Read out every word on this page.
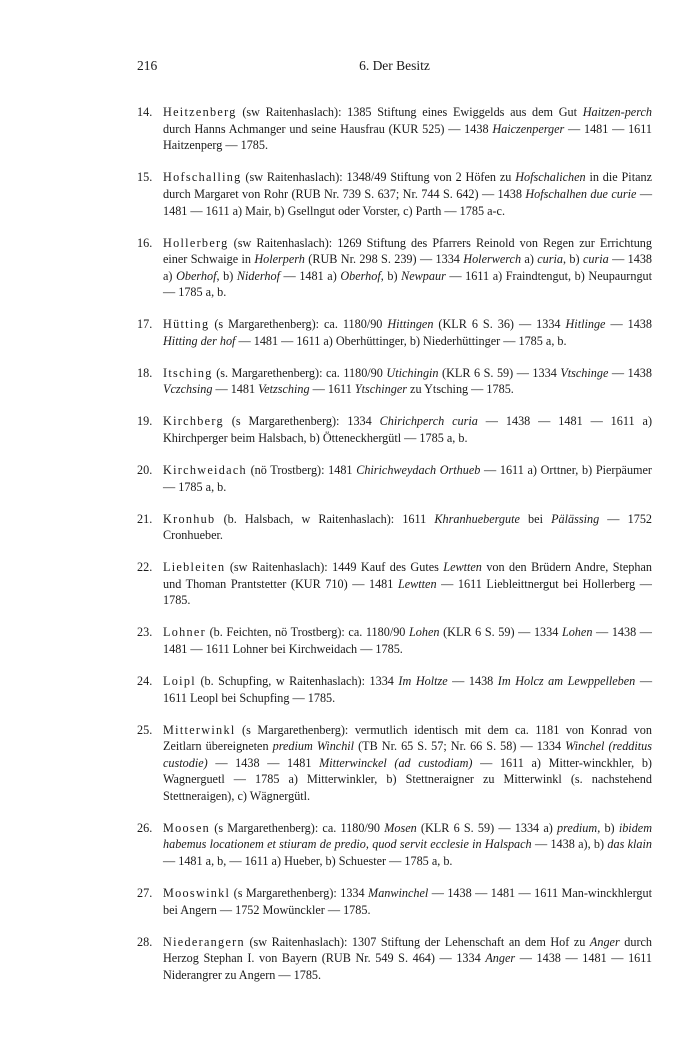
216	6. Der Besitz

14. Heitzenberg (sw Raitenhaslach): 1385 Stiftung eines Ewiggelds aus dem Gut Haitzen-perch durch Hanns Achmanger und seine Hausfrau (KUR 525) — 1438 Haiczenperger — 1481 — 1611 Haitzenperg — 1785.

15. Hofschalling (sw Raitenhaslach): 1348/49 Stiftung von 2 Höfen zu Hofschalichen in die Pitanz durch Margaret von Rohr (RUB Nr. 739 S. 637; Nr. 744 S. 642) — 1438 Hofschalhen due curie — 1481 — 1611 a) Mair, b) Gsellngut oder Vorster, c) Parth — 1785 a-c.

16. Hollerberg (sw Raitenhaslach): 1269 Stiftung des Pfarrers Reinold von Regen zur Errichtung einer Schwaige in Holerperh (RUB Nr. 298 S. 239) — 1334 Holerwerch a) curia, b) curia — 1438 a) Oberhof, b) Niderhof — 1481 a) Oberhof, b) Newpaur — 1611 a) Fraindtengut, b) Neupaurngut — 1785 a, b.

17. Hütting (s Margarethenberg): ca. 1180/90 Hittingen (KLR 6 S. 36) — 1334 Hitlinge — 1438 Hitting der hof — 1481 — 1611 a) Oberhüttinger, b) Niederhüttinger — 1785 a, b.

18. Itsching (s. Margarethenberg): ca. 1180/90 Utichingin (KLR 6 S. 59) — 1334 Vtschinge — 1438 Vczchsing — 1481 Vetzsching — 1611 Ytschinger zu Ytsching — 1785.

19. Kirchberg (s Margarethenberg): 1334 Chirichperch curia — 1438 — 1481 — 1611 a) Khirchperger beim Halsbach, b) Ötteneckhergütl — 1785 a, b.

20. Kirchweidach (nö Trostberg): 1481 Chirichweydach Orthueb — 1611 a) Orttner, b) Pierpäumer — 1785 a, b.

21. Kronhub (b. Halsbach, w Raitenhaslach): 1611 Khranhuebergute bei Pälässing — 1752 Cronhueber.

22. Liebleiten (sw Raitenhaslach): 1449 Kauf des Gutes Lewtten von den Brüdern Andre, Stephan und Thoman Prantstetter (KUR 710) — 1481 Lewtten — 1611 Liebleittnergut bei Hollerberg — 1785.

23. Lohner (b. Feichten, nö Trostberg): ca. 1180/90 Lohen (KLR 6 S. 59) — 1334 Lohen — 1438 — 1481 — 1611 Lohner bei Kirchweidach — 1785.

24. Loipl (b. Schupfing, w Raitenhaslach): 1334 Im Holtze — 1438 Im Holcz am Lewppelleben — 1611 Leopl bei Schupfing — 1785.

25. Mitterwinkl (s Margarethenberg): vermutlich identisch mit dem ca. 1181 von Konrad von Zeitlarn übereigneten predium Winchil (TB Nr. 65 S. 57; Nr. 66 S. 58) — 1334 Winchel (redditus custodie) — 1438 — 1481 Mitterwinckel (ad custodiam) — 1611 a) Mitter-winckhler, b) Wagnerguetl — 1785 a) Mitterwinkler, b) Stettneraigner zu Mitterwinkl (s. nachstehend Stettneraigen), c) Wägnergütl.

26. Moosen (s Margarethenberg): ca. 1180/90 Mosen (KLR 6 S. 59) — 1334 a) predium, b) ibidem habemus locationem et stiuram de predio, quod servit ecclesie in Halspach — 1438 a), b) das klain — 1481 a, b, — 1611 a) Hueber, b) Schuester — 1785 a, b.

27. Mooswinkl (s Margarethenberg): 1334 Manwinchel — 1438 — 1481 — 1611 Man-winckhlergut bei Angern — 1752 Mowünckler — 1785.

28. Niederangern (sw Raitenhaslach): 1307 Stiftung der Lehenschaft an dem Hof zu Anger durch Herzog Stephan I. von Bayern (RUB Nr. 549 S. 464) — 1334 Anger — 1438 — 1481 — 1611 Niderangrer zu Angern — 1785.
